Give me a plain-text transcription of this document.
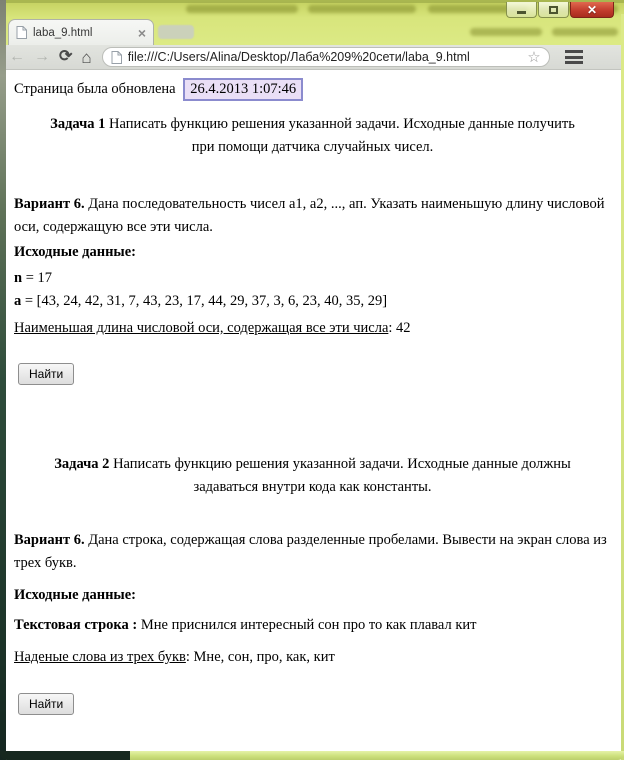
✕
laba_9.html	×
← → ⟳ ⌂	file:///C:/Users/Alina/Desktop/Лаба%209%20сети/laba_9.html	☆
Страница была обновлена 26.4.2013 1:07:46

Задача 1 Написать функцию решения указанной задачи. Исходные данные получить при помощи датчика случайных чисел.

Вариант 6. Дана последовательность чисел a1, a2, ..., aп. Указать наименьшую длину числовой оси, содержащую все эти числа.

Исходные данные:

n = 17

a = [43, 24, 42, 31, 7, 43, 23, 17, 44, 29, 37, 3, 6, 23, 40, 35, 29]

Наименьшая длина числовой оси, содержащая все эти числа: 42

Найти

Задача 2 Написать функцию решения указанной задачи. Исходные данные должны задаваться внутри кода как константы.

Вариант 6. Дана строка, содержащая слова разделенные пробелами. Вывести на экран слова из трех букв.

Исходные данные:

Текстовая строка : Мне приснился интересный сон про то как плавал кит

Наденые слова из трех букв: Мне, сон, про, как, кит

Найти
